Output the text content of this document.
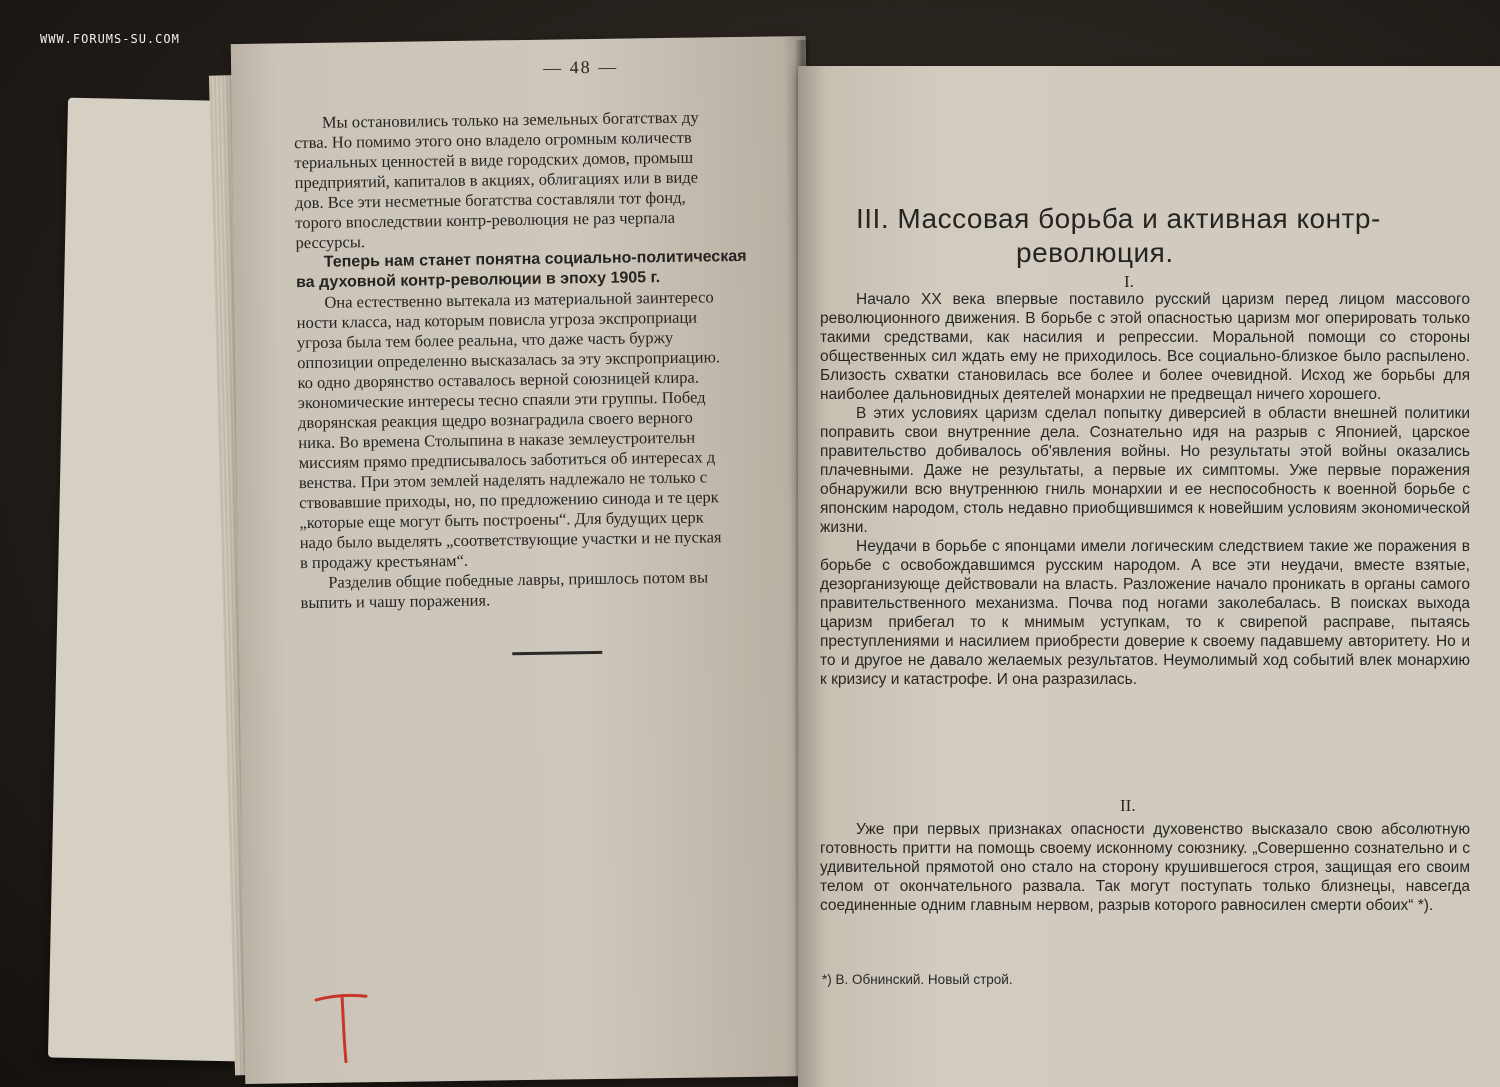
— 48 —

Мы остановились только на земельных богатствах ду

ства. Но помимо этого оно владело огромным количеств

териальных ценностей в виде городских домов, промыш

предприятий, капиталов в акциях, облигациях или в виде

дов. Все эти несметные богатства составляли тот фонд,

торого впоследствии контр-революция не раз черпала

рессурсы.

Теперь нам станет понятна социально-политическая

ва духовной контр-революции в эпоху 1905 г.

Она естественно вытекала из материальной заинтересо

ности класса, над которым повисла угроза экспроприаци

угроза была тем более реальна, что даже часть буржу

оппозиции определенно высказалась за эту экспроприацию.

ко одно дворянство оставалось верной союзницей клира.

экономические интересы тесно спаяли эти группы. Побед

дворянская реакция щедро вознаградила своего верного

ника. Во времена Столыпина в наказе землеустроительн

миссиям прямо предписывалось заботиться об интересах д

венства. При этом землей наделять надлежало не только с

ствовавшие приходы, но, по предложению синода и те церк

„которые еще могут быть построены“. Для будущих церк

надо было выделять „соответствующие участки и не пуская

в продажу крестьянам“.

Разделив общие победные лавры, пришлось потом вы

выпить и чашу поражения.

III. Массовая борьба и активная контр-
революция.
I.

Начало XX века впервые поставило русский царизм перед лицом массового революционного движения. В борьбе с этой опасностью царизм мог оперировать только такими средствами, как насилия и репрессии. Моральной помощи со стороны общественных сил ждать ему не приходилось. Все социально-близкое было распылено. Близость схватки становилась все более и более очевидной. Исход же борьбы для наиболее дальновидных деятелей монархии не предвещал ничего хорошего.

В этих условиях царизм сделал попытку диверсией в области внешней политики поправить свои внутренние дела. Сознательно идя на разрыв с Японией, царское правительство добивалось об'явления войны. Но результаты этой войны оказались плачевными. Даже не результаты, а первые их симптомы. Уже первые поражения обнаружили всю внутреннюю гниль монархии и ее неспособность к военной борьбе с японским народом, столь недавно приобщившимся к новейшим условиям экономической жизни.

Неудачи в борьбе с японцами имели логическим следствием такие же поражения в борьбе с освобождавшимся русским народом. А все эти неудачи, вместе взятые, дезорганизующе действовали на власть. Разложение начало проникать в органы самого правительственного механизма. Почва под ногами заколебалась. В поисках выхода царизм прибегал то к мнимым уступкам, то к свирепой расправе, пытаясь преступлениями и насилием приобрести доверие к своему падавшему авторитету. Но и то и другое не давало желаемых результатов. Неумолимый ход событий влек монархию к кризису и катастрофе. И она разразилась.

II.

Уже при первых признаках опасности духовенство высказало свою абсолютную готовность притти на помощь своему исконному союзнику. „Совершенно сознательно и с удивительной прямотой оно стало на сторону крушившегося строя, защищая его своим телом от окончательного развала. Так могут поступать только близнецы, навсегда соединенные одним главным нервом, разрыв которого равносилен смерти обоих“ *).

*) В. Обнинский. Новый строй.
WWW.FORUMS-SU.COM
